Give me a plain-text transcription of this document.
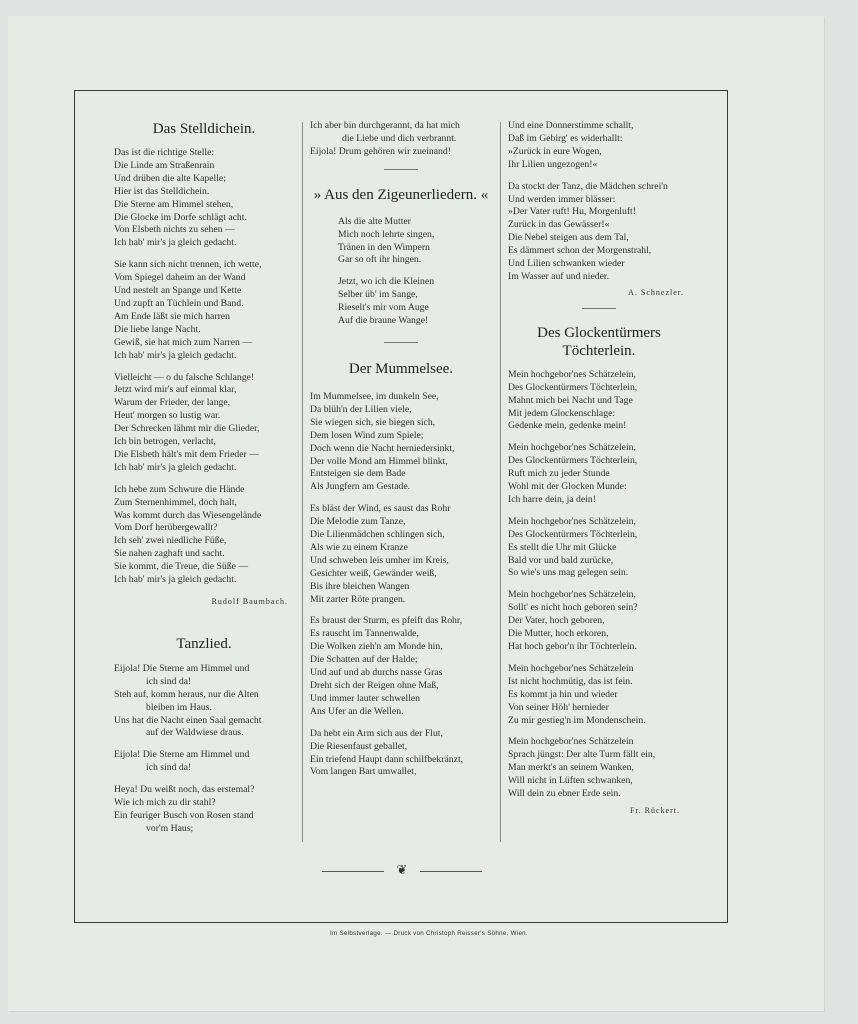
Das Stelldichein.
Das ist die richtige Stelle:
Die Linde am Straßenrain
Und drüben die alte Kapelle;
Hier ist das Stelldichein.
Die Sterne am Himmel stehen,
Die Glocke im Dorfe schlägt acht.
Von Elsbeth nichts zu sehen —
Ich hab' mir's ja gleich gedacht.
Sie kann sich nicht trennen, ich wette,
Vom Spiegel daheim an der Wand
Und nestelt an Spange und Kette
Und zupft an Tüchlein und Band.
Am Ende läßt sie mich harren
Die liebe lange Nacht.
Gewiß, sie hat mich zum Narren —
Ich hab' mir's ja gleich gedacht.
Vielleicht — o du falsche Schlange!
Jetzt wird mir's auf einmal klar,
Warum der Frieder, der lange,
Heut' morgen so lustig war.
Der Schrecken lähmt mir die Glieder,
Ich bin betrogen, verlacht,
Die Elsbeth hält's mit dem Frieder —
Ich hab' mir's ja gleich gedacht.
Ich hebe zum Schwure die Hände
Zum Sternenhimmel, doch halt,
Was kommt durch das Wiesengelände
Vom Dorf herübergewallt?
Ich seh' zwei niedliche Füße,
Sie nahen zaghaft und sacht.
Sie kommt, die Treue, die Süße —
Ich hab' mir's ja gleich gedacht.
Rudolf Baumbach.
Tanzlied.
Eijola! Die Sterne am Himmel und
ich sind da!
Steh auf, komm heraus, nur die Alten
bleiben im Haus.
Uns hat die Nacht einen Saal gemacht
auf der Waldwiese draus.
Eijola! Die Sterne am Himmel und
ich sind da!
Heya! Du weißt noch, das erstemal?
Wie ich mich zu dir stahl?
Ein feuriger Busch von Rosen stand
vor'm Haus;
Ich aber bin durchgerannt, da hat mich
die Liebe und dich verbrannt.
Eijola! Drum gehören wir zueinand!
» Aus den Zigeunerliedern. «
Als die alte Mutter
Mich noch lehrte singen,
Tränen in den Wimpern
Gar so oft ihr hingen.
Jetzt, wo ich die Kleinen
Selber üb' im Sange,
Rieselt's mir vom Auge
Auf die braune Wange!
Der Mummelsee.
Im Mummelsee, im dunkeln See,
Da blüh'n der Lilien viele,
Sie wiegen sich, sie biegen sich,
Dem losen Wind zum Spiele;
Doch wenn die Nacht herniedersinkt,
Der volle Mond am Himmel blinkt,
Entsteigen sie dem Bade
Als Jungfern am Gestade.
Es bläst der Wind, es saust das Rohr
Die Melodie zum Tanze,
Die Lilienmädchen schlingen sich,
Als wie zu einem Kranze
Und schweben leis umher im Kreis,
Gesichter weiß, Gewänder weiß,
Bis ihre bleichen Wangen
Mit zarter Röte prangen.
Es braust der Sturm, es pfeift das Rohr,
Es rauscht im Tannenwalde,
Die Wolken zieh'n am Monde hin,
Die Schatten auf der Halde;
Und auf und ab durchs nasse Gras
Dreht sich der Reigen ohne Maß,
Und immer lauter schwellen
Ans Ufer an die Wellen.
Da hebt ein Arm sich aus der Flut,
Die Riesenfaust geballet,
Ein triefend Haupt dann schilfbekränzt,
Vom langen Bart umwallet,
Und eine Donnerstimme schallt,
Daß im Gebirg' es widerhallt:
»Zurück in eure Wogen,
Ihr Lilien ungezogen!«
Da stockt der Tanz, die Mädchen schrei'n
Und werden immer blässer:
»Der Vater ruft! Hu, Morgenluft!
Zurück in das Gewässer!«
Die Nebel steigen aus dem Tal,
Es dämmert schon der Morgenstrahl,
Und Lilien schwanken wieder
Im Wasser auf und nieder.
A. Schnezler.
Des Glockentürmers
Töchterlein.
Mein hochgebor'nes Schätzelein,
Des Glockentürmers Töchterlein,
Mahnt mich bei Nacht und Tage
Mit jedem Glockenschlage:
Gedenke mein, gedenke mein!
Mein hochgebor'nes Schätzelein,
Des Glockentürmers Töchterlein,
Ruft mich zu jeder Stunde
Wohl mit der Glocken Munde:
Ich harre dein, ja dein!
Mein hochgebor'nes Schätzelein,
Des Glockentürmers Töchterlein,
Es stellt die Uhr mit Glücke
Bald vor und bald zurücke,
So wie's uns mag gelegen sein.
Mein hochgebor'nes Schätzelein,
Sollt' es nicht hoch geboren sein?
Der Vater, hoch geboren,
Die Mutter, hoch erkoren,
Hat hoch gebor'n ihr Töchterlein.
Mein hochgebor'nes Schätzelein
Ist nicht hochmütig, das ist fein.
Es kommt ja hin und wieder
Von seiner Höh' hernieder
Zu mir gestieg'n im Mondenschein.
Mein hochgebor'nes Schätzelein
Sprach jüngst: Der alte Turm fällt ein,
Man merkt's an seinem Wanken,
Will nicht in Lüften schwanken,
Will dein zu ebner Erde sein.
Fr. Rückert.
❦
Im Selbstverlage. — Druck von Christoph Reisser's Söhne, Wien.
